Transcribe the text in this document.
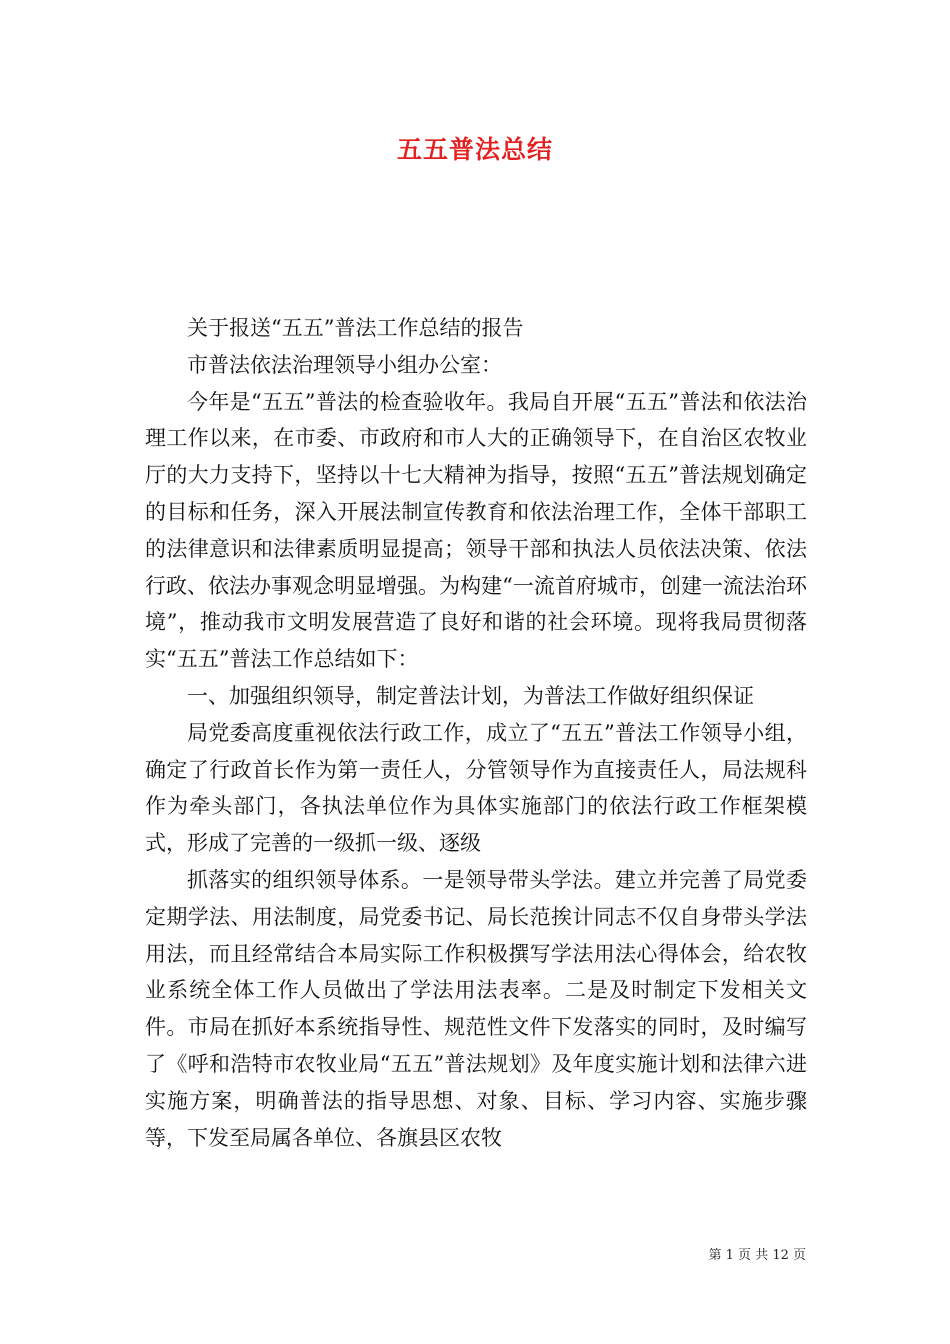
五五普法总结

关于报送“五五”普法工作总结的报告

市普法依法治理领导小组办公室：

今年是“五五”普法的检查验收年。我局自开展“五五”普法和依法治理工作以来，在市委、市政府和市人大的正确领导下，在自治区农牧业厅的大力支持下，坚持以十七大精神为指导，按照“五五”普法规划确定的目标和任务，深入开展法制宣传教育和依法治理工作，全体干部职工的法律意识和法律素质明显提高；领导干部和执法人员依法决策、依法行政、依法办事观念明显增强。为构建“一流首府城市，创建一流法治环境”，推动我市文明发展营造了良好和谐的社会环境。现将我局贯彻落实“五五”普法工作总结如下：

一、加强组织领导，制定普法计划，为普法工作做好组织保证

局党委高度重视依法行政工作，成立了“五五”普法工作领导小组，确定了行政首长作为第一责任人，分管领导作为直接责任人，局法规科作为牵头部门，各执法单位作为具体实施部门的依法行政工作框架模式，形成了完善的一级抓一级、逐级

抓落实的组织领导体系。一是领导带头学法。建立并完善了局党委定期学法、用法制度，局党委书记、局长范挨计同志不仅自身带头学法用法，而且经常结合本局实际工作积极撰写学法用法心得体会，给农牧业系统全体工作人员做出了学法用法表率。二是及时制定下发相关文件。市局在抓好本系统指导性、规范性文件下发落实的同时，及时编写了《呼和浩特市农牧业局“五五”普法规划》及年度实施计划和法律六进实施方案，明确普法的指导思想、对象、目标、学习内容、实施步骤等，下发至局属各单位、各旗县区农牧

第 1 页 共 12 页
